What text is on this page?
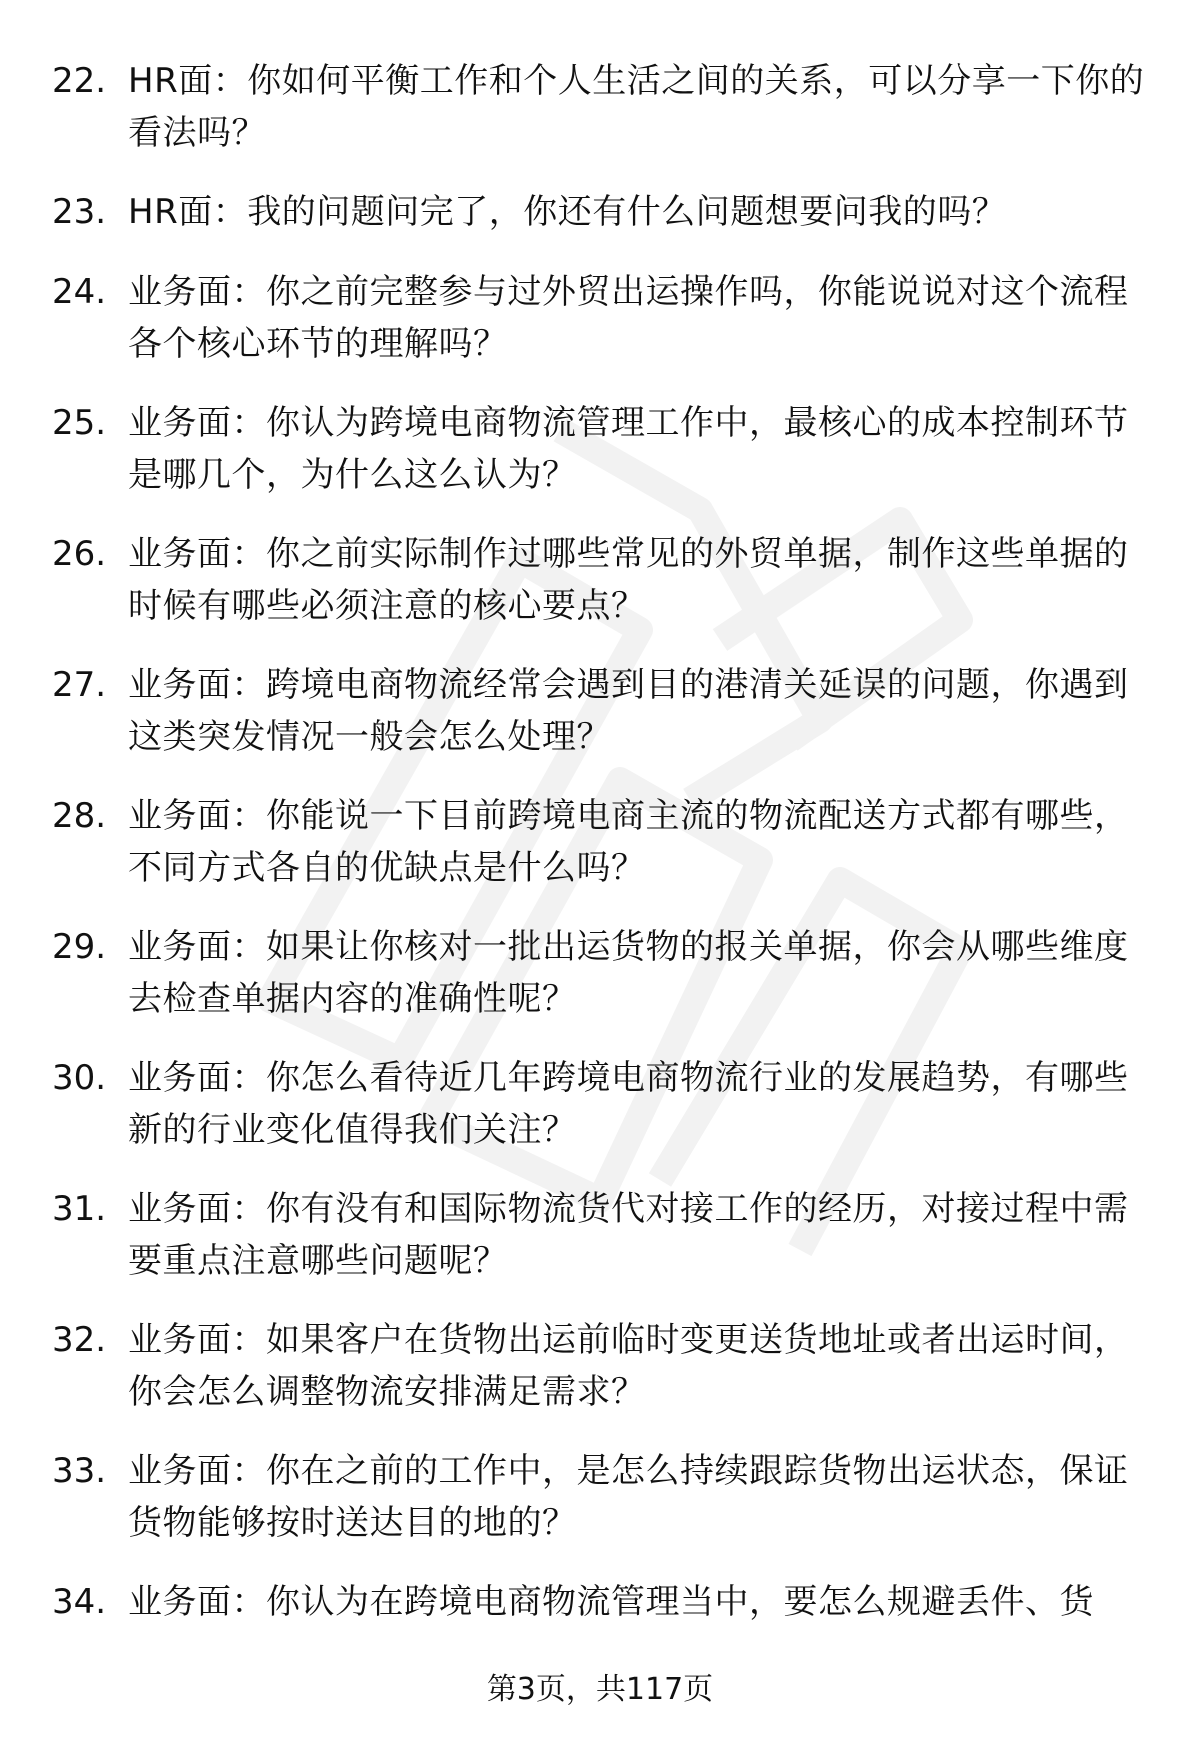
22. HR面：你如何平衡工作和个人生活之间的关系，可以分享一下你的看法吗？
23. HR面：我的问题问完了，你还有什么问题想要问我的吗？
24. 业务面：你之前完整参与过外贸出运操作吗，你能说说对这个流程各个核心环节的理解吗？
25. 业务面：你认为跨境电商物流管理工作中，最核心的成本控制环节是哪几个，为什么这么认为？
26. 业务面：你之前实际制作过哪些常见的外贸单据，制作这些单据的时候有哪些必须注意的核心要点？
27. 业务面：跨境电商物流经常会遇到目的港清关延误的问题，你遇到这类突发情况一般会怎么处理？
28. 业务面：你能说一下目前跨境电商主流的物流配送方式都有哪些，不同方式各自的优缺点是什么吗？
29. 业务面：如果让你核对一批出运货物的报关单据，你会从哪些维度去检查单据内容的准确性呢？
30. 业务面：你怎么看待近几年跨境电商物流行业的发展趋势，有哪些新的行业变化值得我们关注？
31. 业务面：你有没有和国际物流货代对接工作的经历，对接过程中需要重点注意哪些问题呢？
32. 业务面：如果客户在货物出运前临时变更送货地址或者出运时间，你会怎么调整物流安排满足需求？
33. 业务面：你在之前的工作中，是怎么持续跟踪货物出运状态，保证货物能够按时送达目的地的？
34. 业务面：你认为在跨境电商物流管理当中，要怎么规避丢件、货
第3页，共117页
